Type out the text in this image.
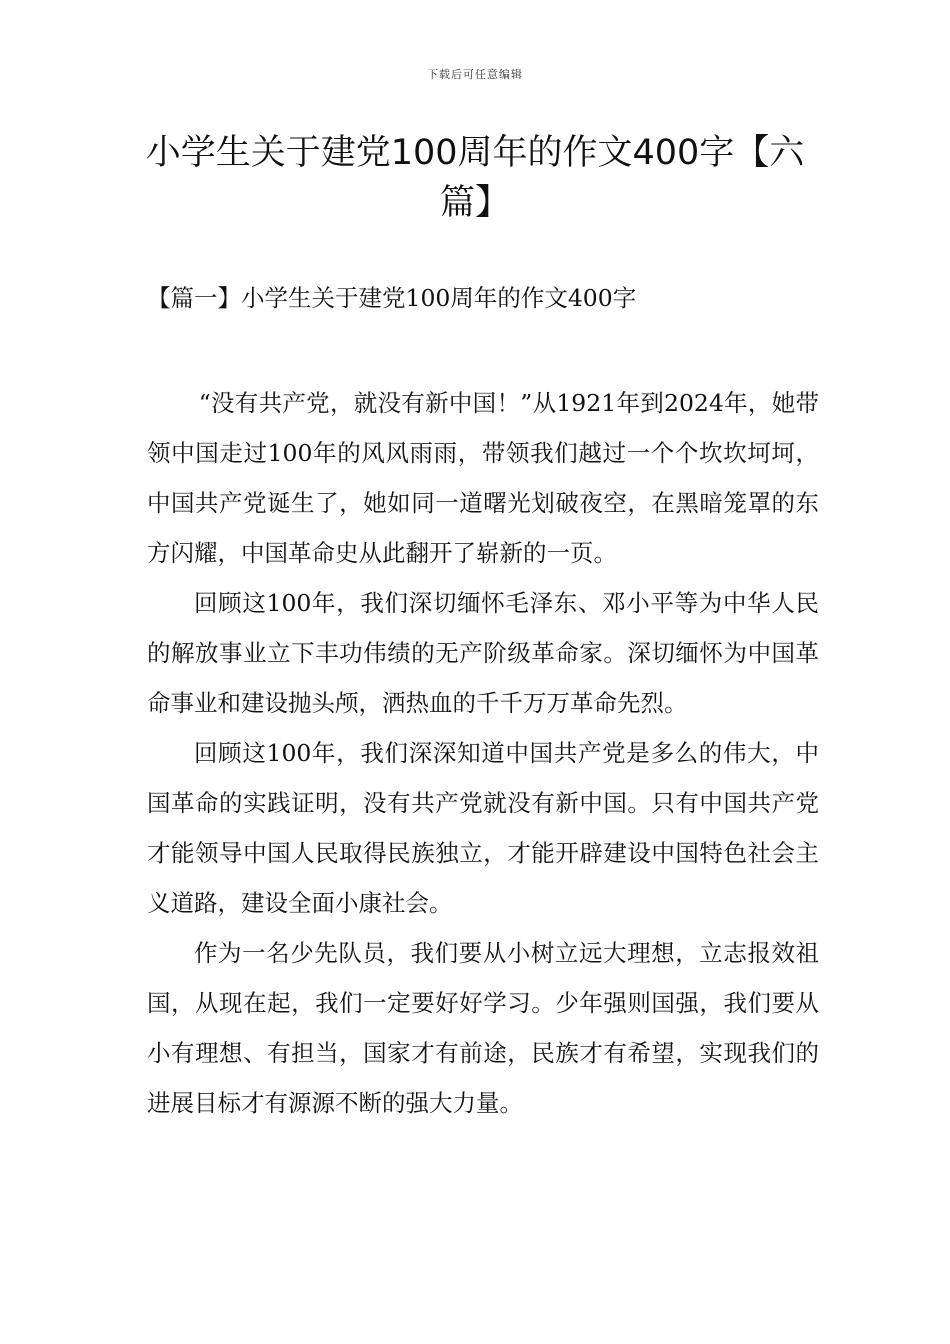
下载后可任意编辑
小学生关于建党100周年的作文400字【六篇】
【篇一】小学生关于建党100周年的作文400字

“没有共产党，就没有新中国！”从1921年到2024年，她带领中国走过100年的风风雨雨，带领我们越过一个个坎坎坷坷，中国共产党诞生了，她如同一道曙光划破夜空，在黑暗笼罩的东方闪耀，中国革命史从此翻开了崭新的一页。

回顾这100年，我们深切缅怀毛泽东、邓小平等为中华人民的解放事业立下丰功伟绩的无产阶级革命家。深切缅怀为中国革命事业和建设抛头颅，洒热血的千千万万革命先烈。

回顾这100年，我们深深知道中国共产党是多么的伟大，中国革命的实践证明，没有共产党就没有新中国。只有中国共产党才能领导中国人民取得民族独立，才能开辟建设中国特色社会主义道路，建设全面小康社会。

作为一名少先队员，我们要从小树立远大理想，立志报效祖国，从现在起，我们一定要好好学习。少年强则国强，我们要从小有理想、有担当，国家才有前途，民族才有希望，实现我们的进展目标才有源源不断的强大力量。
